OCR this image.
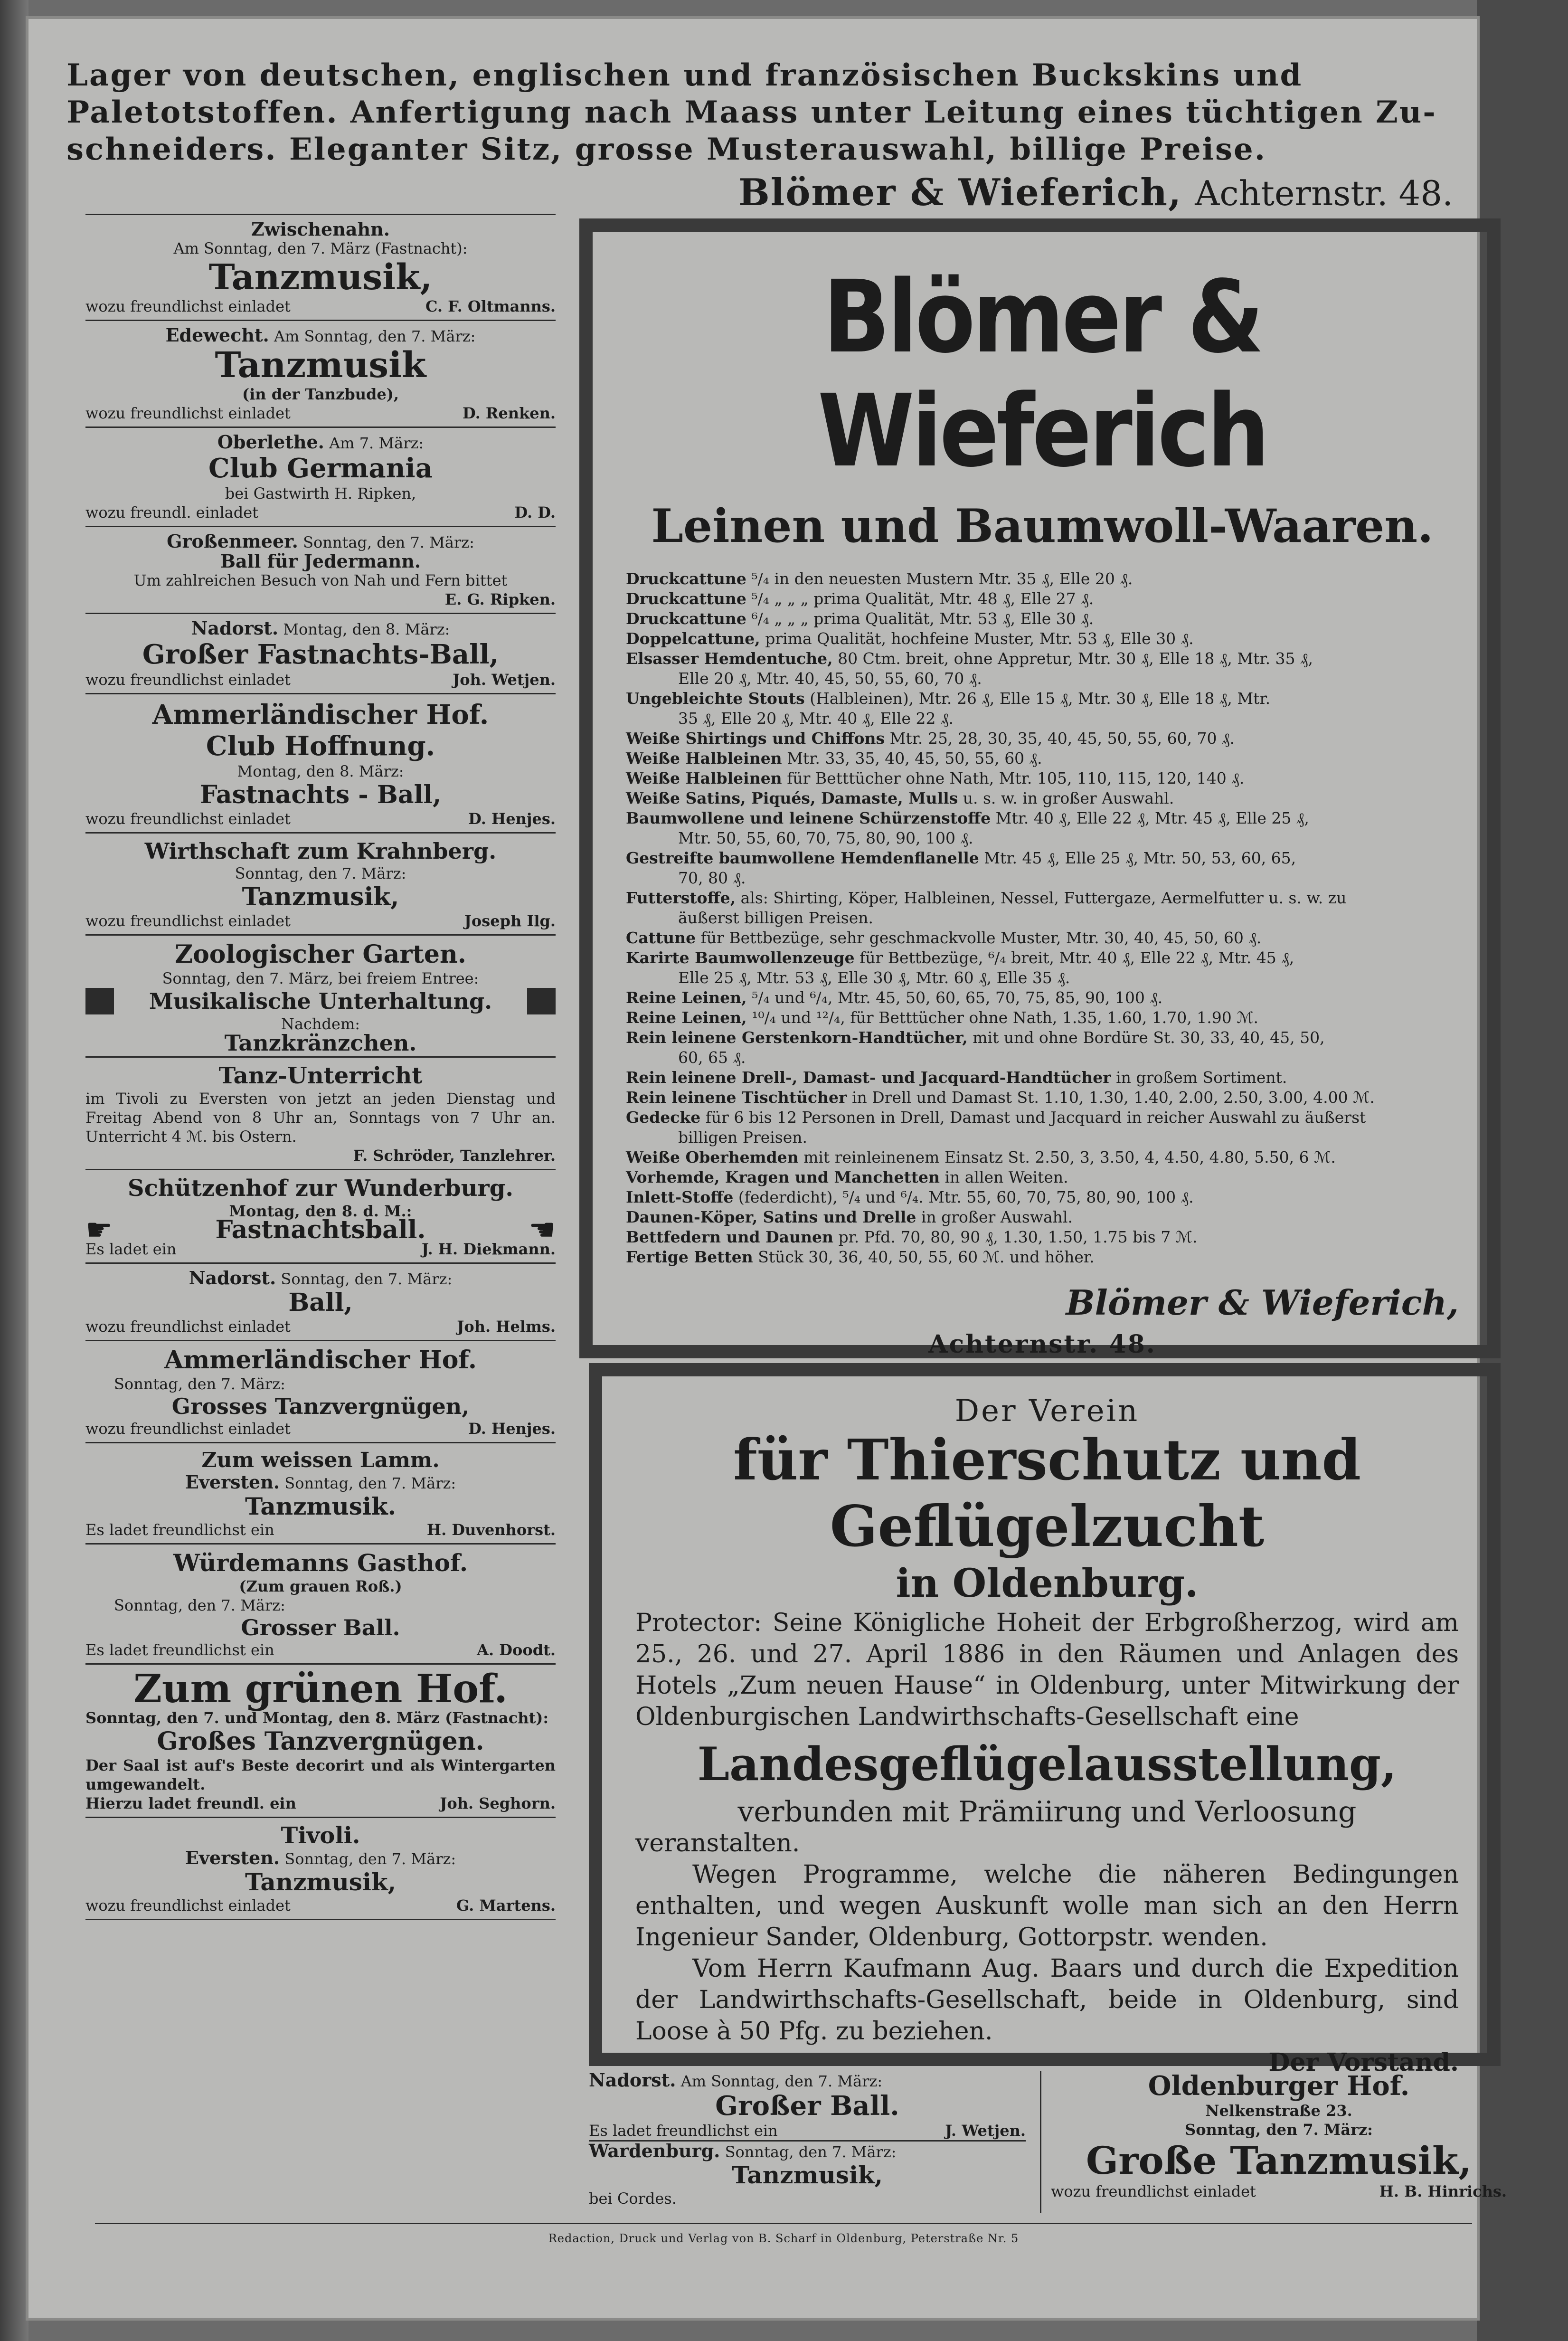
Lager von deutschen, englischen und französischen Buckskins und
Paletotstoffen. Anfertigung nach Maass unter Leitung eines tüchtigen Zu-
schneiders. Eleganter Sitz, grosse Musterauswahl, billige Preise.
Blömer & Wieferich, Achternstr. 48.
Zwischenahn.
Am Sonntag, den 7. März (Fastnacht):
Tanzmusik,
wozu freundlichst einladet	C. F. Oltmanns.
Edewecht. Am Sonntag, den 7. März:
Tanzmusik
(in der Tanzbude),
wozu freundlichst einladet	D. Renken.
Oberlethe. Am 7. März:
Club Germania
bei Gastwirth H. Ripken,
wozu freundl. einladet	D. D.
Großenmeer. Sonntag, den 7. März:
Ball für Jedermann.
Um zahlreichen Besuch von Nah und Fern bittet
E. G. Ripken.
Nadorst. Montag, den 8. März:
Großer Fastnachts-Ball,
wozu freundlichst einladet	Joh. Wetjen.
Ammerländischer Hof.
Club Hoffnung.
Montag, den 8. März:
Fastnachts - Ball,
wozu freundlichst einladet	D. Henjes.
Wirthschaft zum Krahnberg.
Sonntag, den 7. März:
Tanzmusik,
wozu freundlichst einladet	Joseph Ilg.
Zoologischer Garten.
Sonntag, den 7. März, bei freiem Entree:
Musikalische Unterhaltung.
Nachdem:
Tanzkränzchen.
Tanz-Unterricht
im Tivoli zu Eversten von jetzt an jeden Dienstag und Freitag Abend von 8 Uhr an, Sonntags von 7 Uhr an. Unterricht 4 ℳ. bis Ostern.
F. Schröder, Tanzlehrer.
Schützenhof zur Wunderburg.
Montag, den 8. d. M.:
☛	Fastnachtsball.	☛
Es ladet ein	J. H. Diekmann.
Nadorst. Sonntag, den 7. März:
Ball,
wozu freundlichst einladet	Joh. Helms.
Ammerländischer Hof.
Sonntag, den 7. März:
Grosses Tanzvergnügen,
wozu freundlichst einladet	D. Henjes.
Zum weissen Lamm.
Eversten. Sonntag, den 7. März:
Tanzmusik.
Es ladet freundlichst ein	H. Duvenhorst.
Würdemanns Gasthof.
(Zum grauen Roß.)
Sonntag, den 7. März:
Grosser Ball.
Es ladet freundlichst ein	A. Doodt.
Zum grünen Hof.
Sonntag, den 7. und Montag, den 8. März (Fastnacht):
Großes Tanzvergnügen.
Der Saal ist auf's Beste decorirt und als Wintergarten umgewandelt.
Hierzu ladet freundl. ein	Joh. Seghorn.
Tivoli.
Eversten. Sonntag, den 7. März:
Tanzmusik,
wozu freundlichst einladet	G. Martens.
Blömer & Wieferich
Leinen und Baumwoll-Waaren.
Druckcattune ⁵/₄ in den neuesten Mustern Mtr. 35 ₰, Elle 20 ₰.
Druckcattune ⁵/₄ „ „ „ prima Qualität, Mtr. 48 ₰, Elle 27 ₰.
Druckcattune ⁶/₄ „ „ „ prima Qualität, Mtr. 53 ₰, Elle 30 ₰.
Doppelcattune, prima Qualität, hochfeine Muster, Mtr. 53 ₰, Elle 30 ₰.
Elsasser Hemdentuche, 80 Ctm. breit, ohne Appretur, Mtr. 30 ₰, Elle 18 ₰, Mtr. 35 ₰,
Elle 20 ₰, Mtr. 40, 45, 50, 55, 60, 70 ₰.
Ungebleichte Stouts (Halbleinen), Mtr. 26 ₰, Elle 15 ₰, Mtr. 30 ₰, Elle 18 ₰, Mtr.
35 ₰, Elle 20 ₰, Mtr. 40 ₰, Elle 22 ₰.
Weiße Shirtings und Chiffons Mtr. 25, 28, 30, 35, 40, 45, 50, 55, 60, 70 ₰.
Weiße Halbleinen Mtr. 33, 35, 40, 45, 50, 55, 60 ₰.
Weiße Halbleinen für Betttücher ohne Nath, Mtr. 105, 110, 115, 120, 140 ₰.
Weiße Satins, Piqués, Damaste, Mulls u. s. w. in großer Auswahl.
Baumwollene und leinene Schürzenstoffe Mtr. 40 ₰, Elle 22 ₰, Mtr. 45 ₰, Elle 25 ₰,
Mtr. 50, 55, 60, 70, 75, 80, 90, 100 ₰.
Gestreifte baumwollene Hemdenflanelle Mtr. 45 ₰, Elle 25 ₰, Mtr. 50, 53, 60, 65,
70, 80 ₰.
Futterstoffe, als: Shirting, Köper, Halbleinen, Nessel, Futtergaze, Aermelfutter u. s. w. zu
äußerst billigen Preisen.
Cattune für Bettbezüge, sehr geschmackvolle Muster, Mtr. 30, 40, 45, 50, 60 ₰.
Karirte Baumwollenzeuge für Bettbezüge, ⁶/₄ breit, Mtr. 40 ₰, Elle 22 ₰, Mtr. 45 ₰,
Elle 25 ₰, Mtr. 53 ₰, Elle 30 ₰, Mtr. 60 ₰, Elle 35 ₰.
Reine Leinen, ⁵/₄ und ⁶/₄, Mtr. 45, 50, 60, 65, 70, 75, 85, 90, 100 ₰.
Reine Leinen, ¹⁰/₄ und ¹²/₄, für Betttücher ohne Nath, 1.35, 1.60, 1.70, 1.90 ℳ.
Rein leinene Gerstenkorn-Handtücher, mit und ohne Bordüre St. 30, 33, 40, 45, 50,
60, 65 ₰.
Rein leinene Drell-, Damast- und Jacquard-Handtücher in großem Sortiment.
Rein leinene Tischtücher in Drell und Damast St. 1.10, 1.30, 1.40, 2.00, 2.50, 3.00, 4.00 ℳ.
Gedecke für 6 bis 12 Personen in Drell, Damast und Jacquard in reicher Auswahl zu äußerst
billigen Preisen.
Weiße Oberhemden mit reinleinenem Einsatz St. 2.50, 3, 3.50, 4, 4.50, 4.80, 5.50, 6 ℳ.
Vorhemde, Kragen und Manchetten in allen Weiten.
Inlett-Stoffe (federdicht), ⁵/₄ und ⁶/₄. Mtr. 55, 60, 70, 75, 80, 90, 100 ₰.
Daunen-Köper, Satins und Drelle in großer Auswahl.
Bettfedern und Daunen pr. Pfd. 70, 80, 90 ₰, 1.30, 1.50, 1.75 bis 7 ℳ.
Fertige Betten Stück 30, 36, 40, 50, 55, 60 ℳ. und höher.
Blömer & Wieferich,
Achternstr. 48.
Der Verein
für Thierschutz und Geflügelzucht
in Oldenburg.
Protector: Seine Königliche Hoheit der Erbgroßherzog, wird am 25., 26. und 27. April 1886 in den Räumen und Anlagen des Hotels „Zum neuen Hause“ in Oldenburg, unter Mitwirkung der Oldenburgischen Landwirthschafts-Gesellschaft eine
Landesgeflügelausstellung,
verbunden mit Prämiirung und Verloosung
veranstalten.
Wegen Programme, welche die näheren Bedingungen enthalten, und wegen Auskunft wolle man sich an den Herrn Ingenieur Sander, Oldenburg, Gottorpstr. wenden.
Vom Herrn Kaufmann Aug. Baars und durch die Expedition der Landwirthschafts-Gesellschaft, beide in Oldenburg, sind Loose à 50 Pfg. zu beziehen.
Der Vorstand.
Nadorst. Am Sonntag, den 7. März:
Großer Ball.
Es ladet freundlichst ein	J. Wetjen.
Wardenburg. Sonntag, den 7. März:
Tanzmusik,
bei Cordes.
Oldenburger Hof.
Nelkenstraße 23.
Sonntag, den 7. März:
Große Tanzmusik,
wozu freundlichst einladet	H. B. Hinrichs.
Redaction, Druck und Verlag von B. Scharf in Oldenburg, Peterstraße Nr. 5
